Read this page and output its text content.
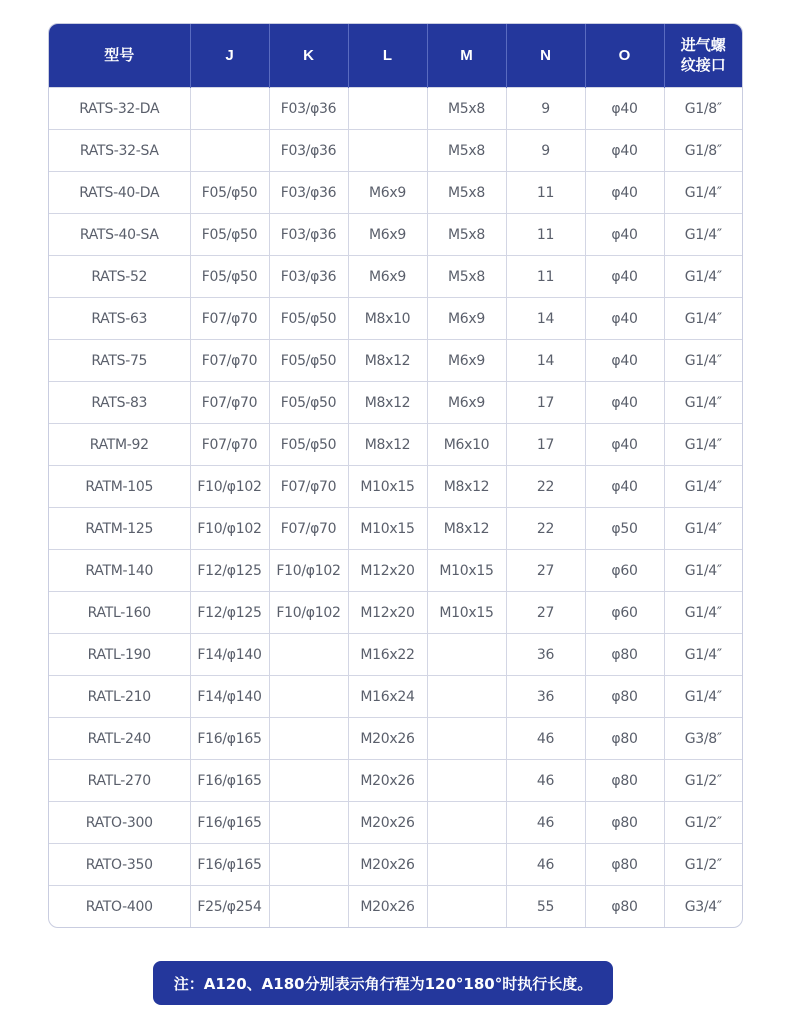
型号	J	K	L	M	N	O	进气螺
纹接口
RATS-32-DA		F03/φ36		M5x8	9	φ40	G1/8″
RATS-32-SA		F03/φ36		M5x8	9	φ40	G1/8″
RATS-40-DA	F05/φ50	F03/φ36	M6x9	M5x8	11	φ40	G1/4″
RATS-40-SA	F05/φ50	F03/φ36	M6x9	M5x8	11	φ40	G1/4″
RATS-52	F05/φ50	F03/φ36	M6x9	M5x8	11	φ40	G1/4″
RATS-63	F07/φ70	F05/φ50	M8x10	M6x9	14	φ40	G1/4″
RATS-75	F07/φ70	F05/φ50	M8x12	M6x9	14	φ40	G1/4″
RATS-83	F07/φ70	F05/φ50	M8x12	M6x9	17	φ40	G1/4″
RATM-92	F07/φ70	F05/φ50	M8x12	M6x10	17	φ40	G1/4″
RATM-105	F10/φ102	F07/φ70	M10x15	M8x12	22	φ40	G1/4″
RATM-125	F10/φ102	F07/φ70	M10x15	M8x12	22	φ50	G1/4″
RATM-140	F12/φ125	F10/φ102	M12x20	M10x15	27	φ60	G1/4″
RATL-160	F12/φ125	F10/φ102	M12x20	M10x15	27	φ60	G1/4″
RATL-190	F14/φ140		M16x22		36	φ80	G1/4″
RATL-210	F14/φ140		M16x24		36	φ80	G1/4″
RATL-240	F16/φ165		M20x26		46	φ80	G3/8″
RATL-270	F16/φ165		M20x26		46	φ80	G1/2″
RATO-300	F16/φ165		M20x26		46	φ80	G1/2″
RATO-350	F16/φ165		M20x26		46	φ80	G1/2″
RATO-400	F25/φ254		M20x26		55	φ80	G3/4″
注：A120、A180分别表示角行程为120°180°时执行长度。
